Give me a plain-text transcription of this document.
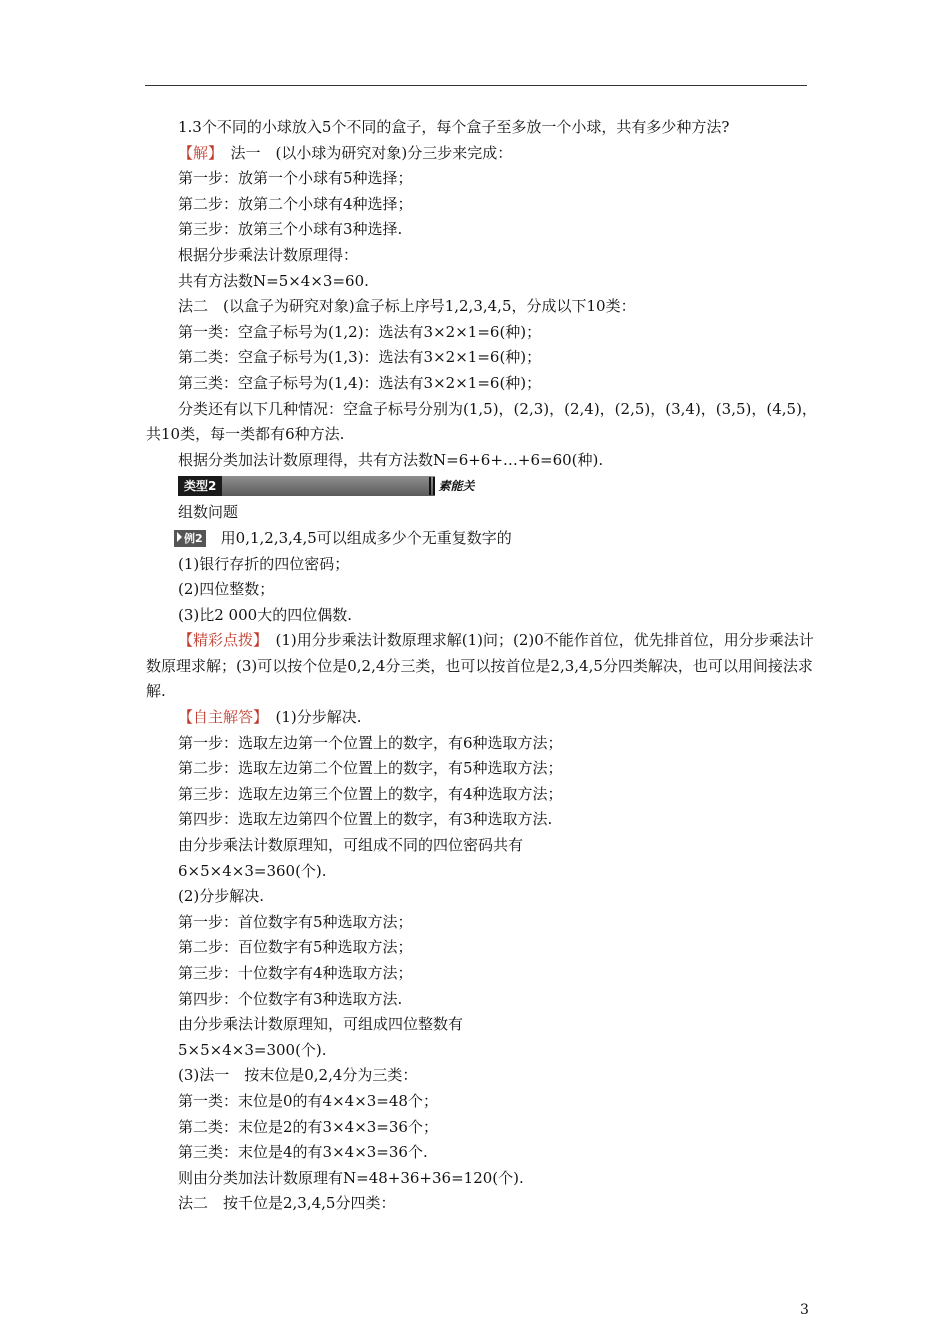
1.3个不同的小球放入5个不同的盒子，每个盒子至多放一个小球，共有多少种方法?
【解】　法一　(以小球为研究对象)分三步来完成：
第一步：放第一个小球有5种选择；
第二步：放第二个小球有4种选择；
第三步：放第三个小球有3种选择.
根据分步乘法计数原理得：
共有方法数N=5×4×3=60.
法二　(以盒子为研究对象)盒子标上序号1,2,3,4,5，分成以下10类：
第一类：空盒子标号为(1,2)：选法有3×2×1=6(种)；
第二类：空盒子标号为(1,3)：选法有3×2×1=6(种)；
第三类：空盒子标号为(1,4)：选法有3×2×1=6(种)；
分类还有以下几种情况：空盒子标号分别为(1,5)，(2,3)，(2,4)，(2,5)，(3,4)，(3,5)，(4,5)，共10类，每一类都有6种方法.
根据分类加法计数原理得，共有方法数N=6+6+…+6=60(种).
类型2	素能关
组数问题
例2　用0,1,2,3,4,5可以组成多少个无重复数字的
(1)银行存折的四位密码；
(2)四位整数；
(3)比2 000大的四位偶数.
【精彩点拨】　(1)用分步乘法计数原理求解(1)问；(2)0不能作首位，优先排首位，用分步乘法计数原理求解；(3)可以按个位是0,2,4分三类，也可以按首位是2,3,4,5分四类解决，也可以用间接法求解.
【自主解答】　(1)分步解决.
第一步：选取左边第一个位置上的数字，有6种选取方法；
第二步：选取左边第二个位置上的数字，有5种选取方法；
第三步：选取左边第三个位置上的数字，有4种选取方法；
第四步：选取左边第四个位置上的数字，有3种选取方法.
由分步乘法计数原理知，可组成不同的四位密码共有
6×5×4×3=360(个).
(2)分步解决.
第一步：首位数字有5种选取方法；
第二步：百位数字有5种选取方法；
第三步：十位数字有4种选取方法；
第四步：个位数字有3种选取方法.
由分步乘法计数原理知，可组成四位整数有
5×5×4×3=300(个).
(3)法一　按末位是0,2,4分为三类：
第一类：末位是0的有4×4×3=48个；
第二类：末位是2的有3×4×3=36个；
第三类：末位是4的有3×4×3=36个.
则由分类加法计数原理有N=48+36+36=120(个).
法二　按千位是2,3,4,5分四类：
3
